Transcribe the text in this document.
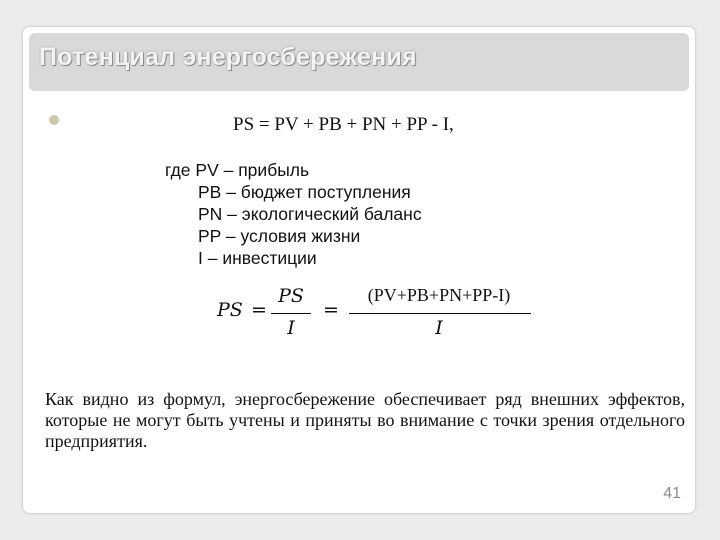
Потенциал энергосбережения
PS = PV + PB + PN + PP - I,
где PV – прибыль
PB – бюджет поступления
PN – экологический баланс
PP – условия жизни
I – инвестиции
PS =
PS
I
=
(PV+PB+PN+PP-I)
I
Как видно из формул, энергосбережение обеспечивает ряд внешних эффектов, которые не могут быть учтены и приняты во внимание с точки зрения отдельного предприятия.
41
